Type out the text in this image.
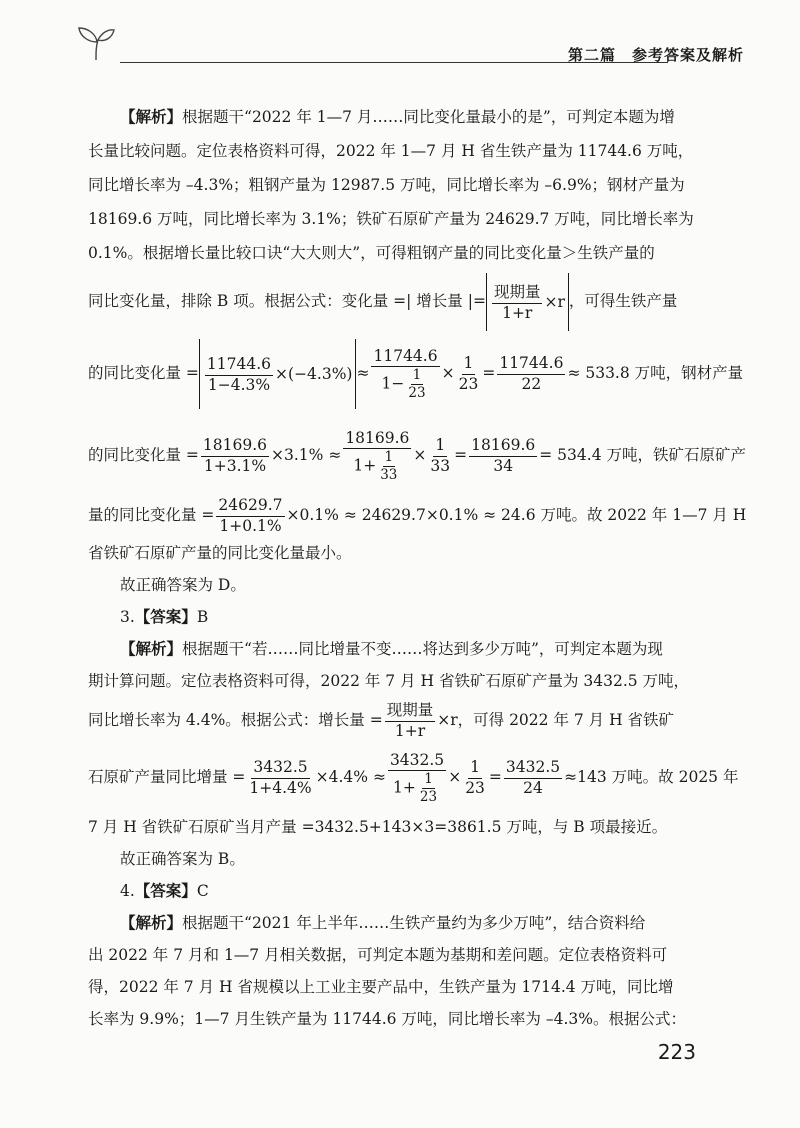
第二篇　参考答案及解析
【解析】根据题干“2022 年 1—7 月……同比变化量最小的是”，可判定本题为增
长量比较问题。定位表格资料可得，2022 年 1—7 月 H 省生铁产量为 11744.6 万吨，
同比增长率为 –4.3%；粗钢产量为 12987.5 万吨，同比增长率为 –6.9%；钢材产量为
18169.6 万吨，同比增长率为 3.1%；铁矿石原矿产量为 24629.7 万吨，同比增长率为
0.1%。根据增长量比较口诀“大大则大”，可得粗钢产量的同比变化量＞生铁产量的
同比变化量，排除 B 项。根据公式：变化量 =| 增长量 |= 现期量
1+r
×r ，可得生铁产量
的同比变化量 = $\frac{11744.6}{1-4.3\%} \times(-4.3\%) \approx \frac{11744.6}{1- \frac{1}{23}} \times \frac{1}{23} = \frac{11744.6}{22} \approx 533.8$ 万吨，钢材产量
的同比变化量 = $\frac{18169.6}{1+3.1\%} \times 3.1\% \approx \frac{18169.6}{1+ \frac{1}{33}} \times \frac{1}{33} = \frac{18169.6}{34} = 534.4$ 万吨，铁矿石原矿产
量的同比变化量 = $\frac{24629.7}{1+0.1\%} \times 0.1\% \approx 24629.7\times 0.1\% \approx 24.6$ 万吨。故 2022 年 1—7 月 H
省铁矿石原矿产量的同比变化量最小。
故正确答案为 D。
3.【答案】B
【解析】根据题干“若……同比增量不变……将达到多少万吨”，可判定本题为现
期计算问题。定位表格资料可得，2022 年 7 月 H 省铁矿石原矿产量为 3432.5 万吨，
同比增长率为 4.4%。根据公式：增长量 =
现期量
1+r
×r，可得 2022 年 7 月 H 省铁矿
石原矿产量同比增量 = $\frac{3432.5}{1+4.4\%} \times 4.4\% \approx \frac{3432.5}{1+ \frac{1}{23}} \times \frac{1}{23} = \frac{3432.5}{24} \approx 143$ 万吨。故 2025 年
7 月 H 省铁矿石原矿当月产量 =3432.5+143×3=3861.5 万吨，与 B 项最接近。
故正确答案为 B。
4.【答案】C
【解析】根据题干“2021 年上半年……生铁产量约为多少万吨”，结合资料给
出 2022 年 7 月和 1—7 月相关数据，可判定本题为基期和差问题。定位表格资料可
得，2022 年 7 月 H 省规模以上工业主要产品中，生铁产量为 1714.4 万吨，同比增
长率为 9.9%；1—7 月生铁产量为 11744.6 万吨，同比增长率为 –4.3%。根据公式：
223
